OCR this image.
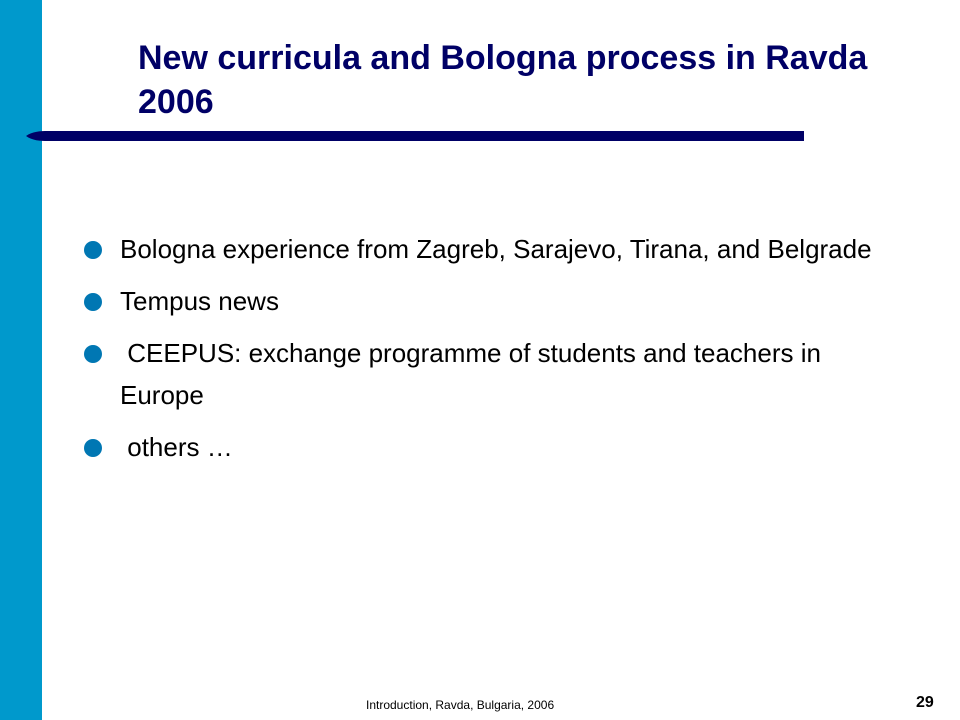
New curricula and Bologna process in Ravda 2006
Bologna experience from Zagreb, Sarajevo, Tirana, and Belgrade
Tempus news
CEEPUS: exchange programme of students and teachers in Europe
others …
Introduction, Ravda, Bulgaria, 2006	29
